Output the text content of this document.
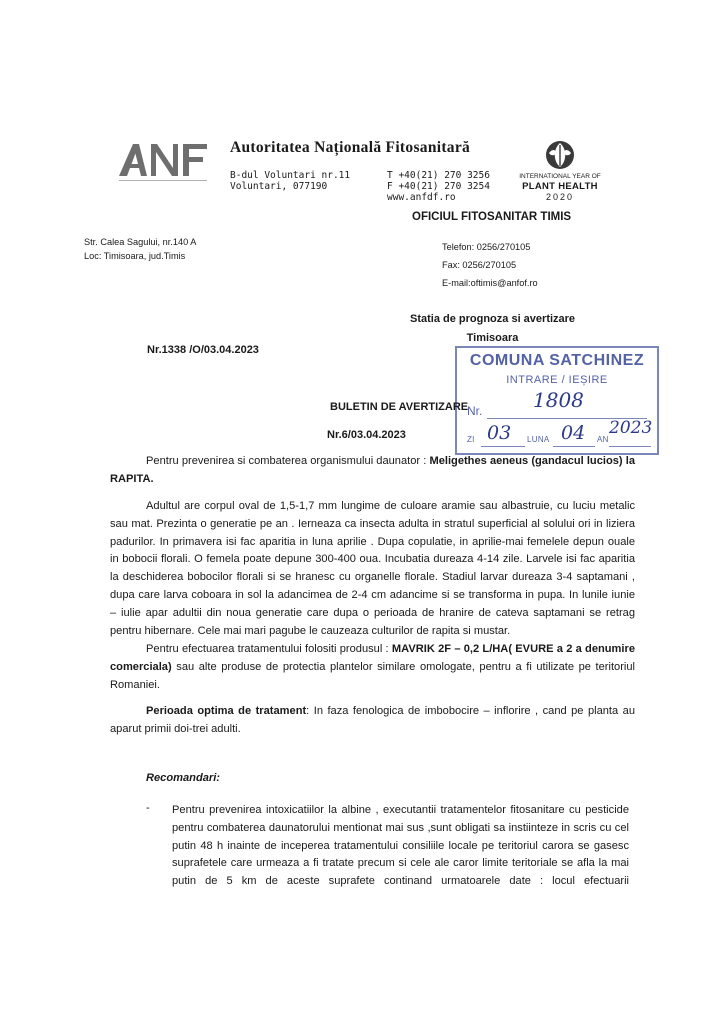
Autoritatea Națională Fitosanitară
B-dul Voluntari nr.11
Voluntari, 077190
T +40(21) 270 3256
F +40(21) 270 3254
www.anfdf.ro
INTERNATIONAL YEAR OF
PLANT HEALTH
2020
OFICIUL FITOSANITAR TIMIS
Str. Calea Sagului, nr.140 A
Loc: Timisoara, jud.Timis
Telefon: 0256/270105
Fax: 0256/270105
E-mail:oftimis@anfof.ro
Statia de prognoza si avertizare
Timisoara
Nr.1338 /O/03.04.2023
COMUNA SATCHINEZ
INTRARE / IEȘIRE
Nr.	1808
ZI 03 LUNA 04 AN
2023
BULETIN DE AVERTIZARE
Nr.6/03.04.2023
Pentru prevenirea si combaterea organismului daunator : Meligethes aeneus (gandacul lucios) la
RAPITA.
Adultul are corpul oval de 1,5-1,7 mm lungime de culoare aramie sau albastruie, cu luciu metalic
sau mat. Prezinta o generatie pe an . Ierneaza ca insecta adulta in stratul superficial al solului ori in liziera
padurilor. In primavera isi fac aparitia in luna aprilie . Dupa copulatie, in aprilie-mai femelele depun ouale
in bobocii florali. O femela poate depune 300-400 oua. Incubatia dureaza 4-14 zile. Larvele isi fac aparitia
la deschiderea bobocilor florali si se hranesc cu organelle florale. Stadiul larvar dureaza 3-4 saptamani ,
dupa care larva coboara in sol la adancimea de 2-4 cm adancime si se transforma in pupa. In lunile iunie
– iulie apar adultii din noua generatie care dupa o perioada de hranire de cateva saptamani se retrag
pentru hibernare. Cele mai mari pagube le cauzeaza culturilor de rapita si mustar.
Pentru efectuarea tratamentului folositi produsul : MAVRIK 2F – 0,2 L/HA( EVURE a 2 a denumire
comerciala) sau alte produse de protectia plantelor similare omologate, pentru a fi utilizate pe teritoriul
Romaniei.
Perioada optima de tratament: In faza fenologica de imbobocire – inflorire , cand pe planta au
aparut primii doi-trei adulti.
Recomandari:
- Pentru prevenirea intoxicatiilor la albine , executantii tratamentelor fitosanitare cu pesticide
pentru combaterea daunatorului mentionat mai sus ,sunt obligati sa instiinteze in scris cu cel
putin 48 h inainte de inceperea tratamentului consiliile locale pe teritoriul carora se gasesc
suprafetele care urmeaza a fi tratate precum si cele ale caror limite teritoriale se afla la mai
putin de 5 km de aceste suprafete continand urmatoarele date : locul efectuarii
